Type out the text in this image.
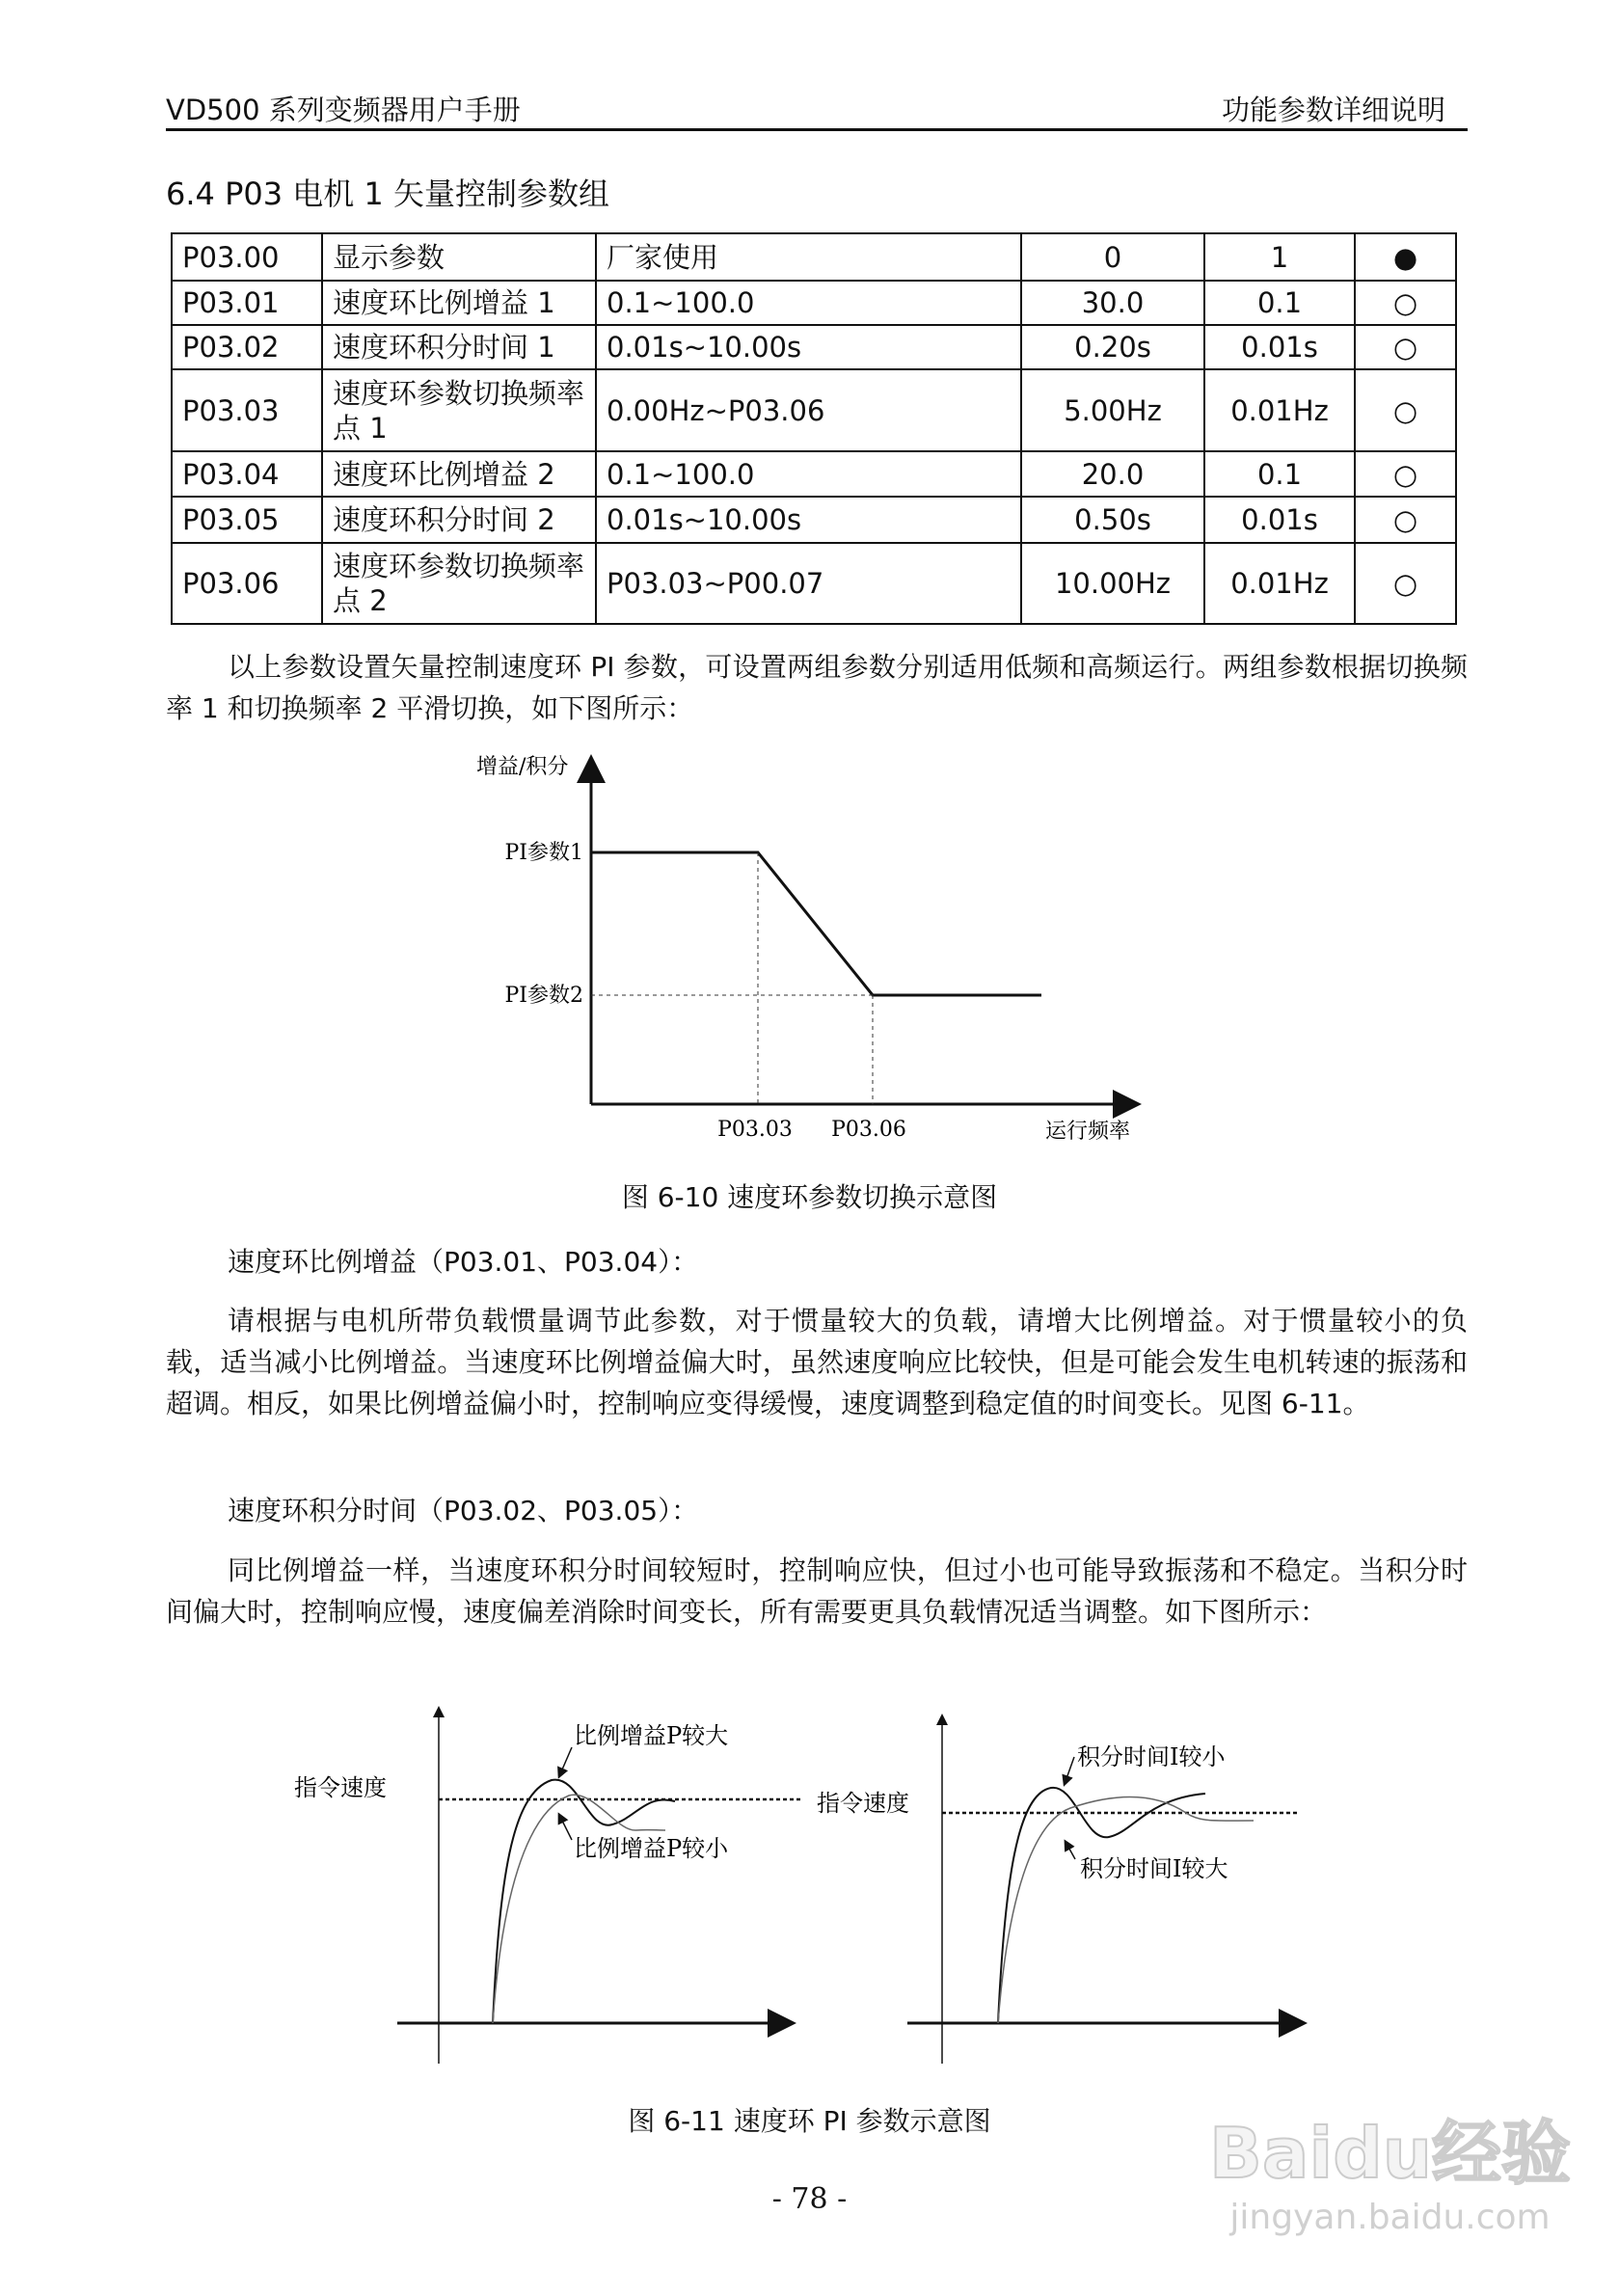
VD500 系列变频器用户手册	功能参数详细说明
6.4 P03 电机 1 矢量控制参数组
P03.00	显示参数	厂家使用	0	1	●
P03.01	速度环比例增益 1	0.1~100.0	30.0	0.1	○
P03.02	速度环积分时间 1	0.01s~10.00s	0.20s	0.01s	○
P03.03	速度环参数切换频率点 1	0.00Hz~P03.06	5.00Hz	0.01Hz	○
P03.04	速度环比例增益 2	0.1~100.0	20.0	0.1	○
P03.05	速度环积分时间 2	0.01s~10.00s	0.50s	0.01s	○
P03.06	速度环参数切换频率点 2	P03.03~P00.07	10.00Hz	0.01Hz	○
以上参数设置矢量控制速度环 PI 参数，可设置两组参数分别适用低频和高频运行。两组参数根据切换频率 1 和切换频率 2 平滑切换，如下图所示：
增益/积分
PI参数1
PI参数2
P03.03 P03.06	运行频率
图 6-10 速度环参数切换示意图
速度环比例增益（P03.01、P03.04）：
请根据与电机所带负载惯量调节此参数，对于惯量较大的负载，请增大比例增益。对于惯量较小的负载，适当减小比例增益。当速度环比例增益偏大时，虽然速度响应比较快，但是可能会发生电机转速的振荡和超调。相反，如果比例增益偏小时，控制响应变得缓慢，速度调整到稳定值的时间变长。见图 6-11。
速度环积分时间（P03.02、P03.05）：
同比例增益一样，当速度环积分时间较短时，控制响应快，但过小也可能导致振荡和不稳定。当积分时间偏大时，控制响应慢，速度偏差消除时间变长，所有需要更具负载情况适当调整。如下图所示：
指令速度
比例增益P较大
比例增益P较小
指令速度
积分时间I较小
积分时间I较大
图 6-11 速度环 PI 参数示意图
- 78 -
Baidu经验
jingyan.baidu.com
